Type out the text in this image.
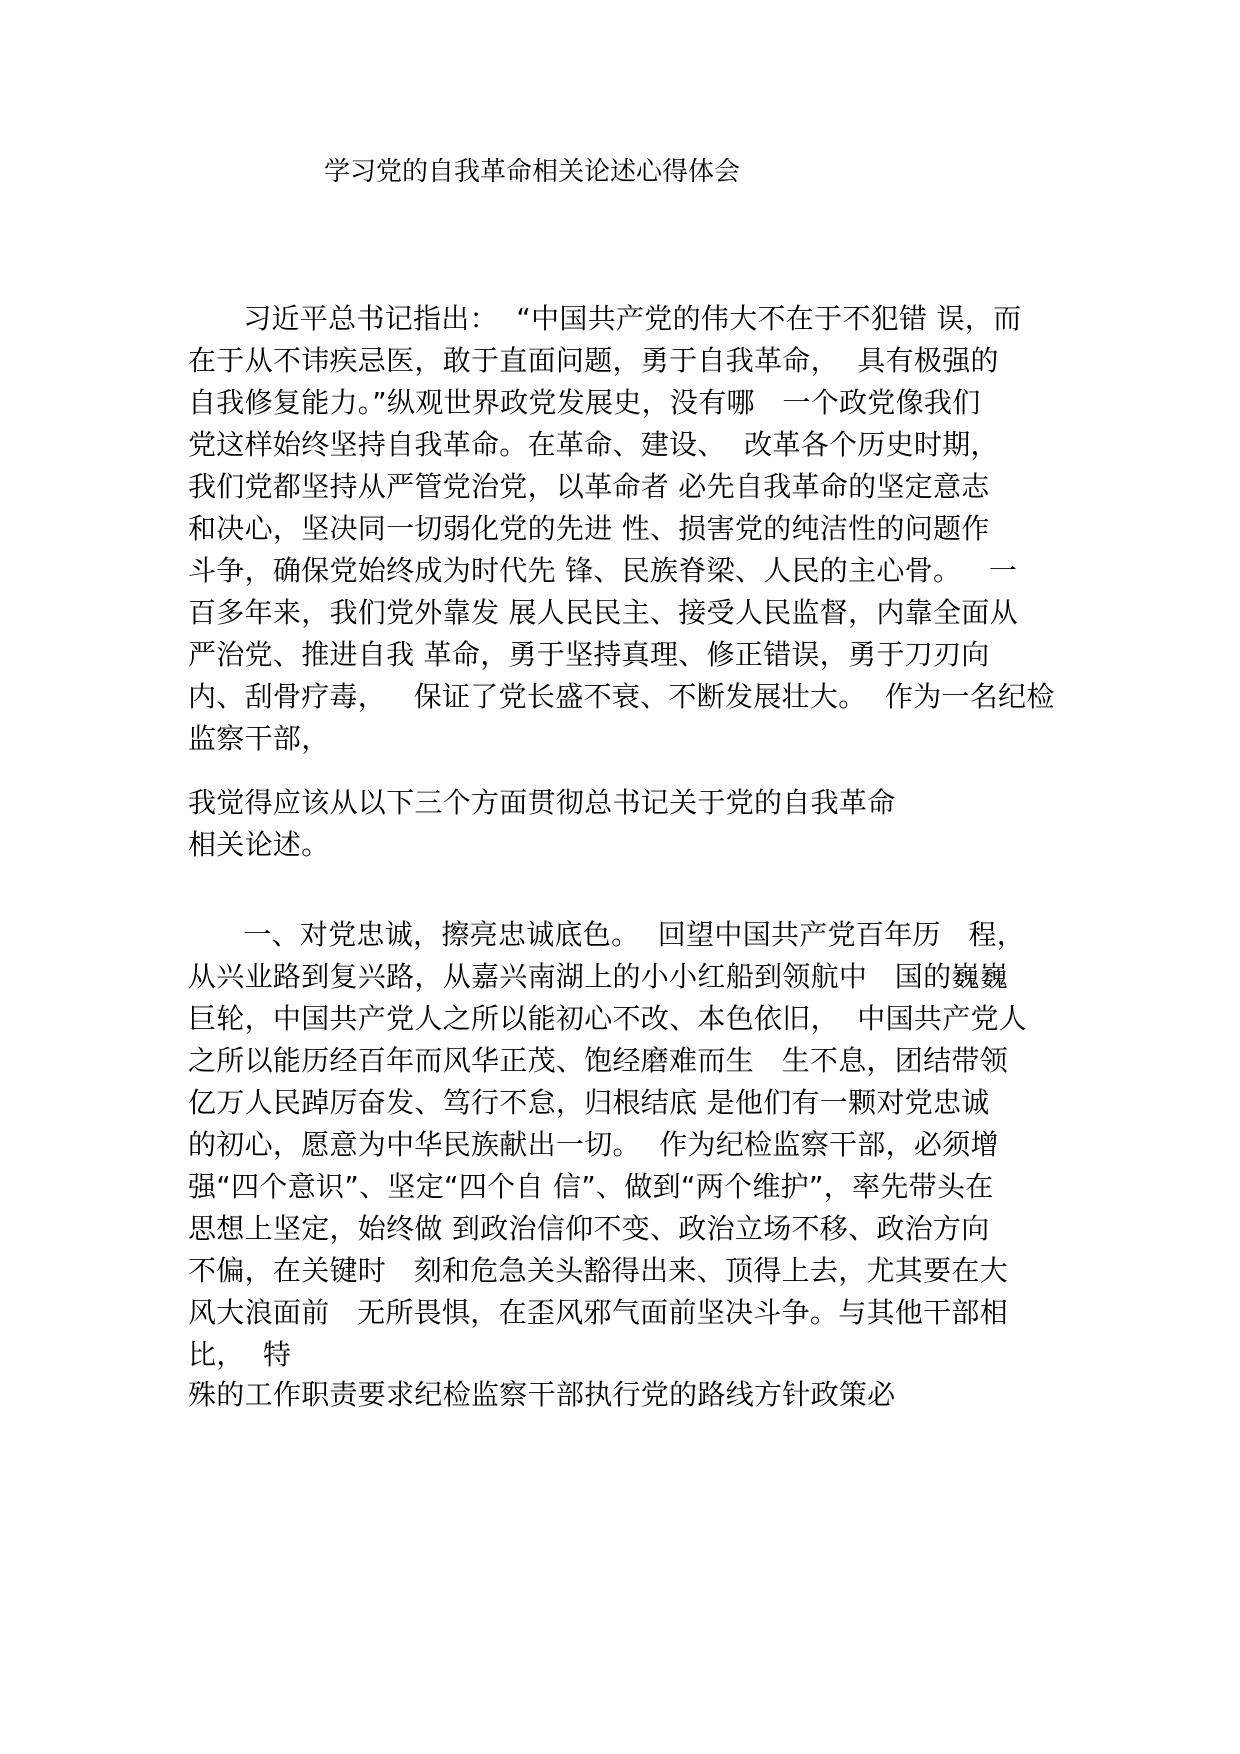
学习党的自我革命相关论述心得体会
习近平总书记指出：  “中国共产党的伟大不在于不犯错 误，而
在于从不讳疾忌医，敢于直面问题，勇于自我革命，  具有极强的
自我修复能力。”纵观世界政党发展史，没有哪   一个政党像我们
党这样始终坚持自我革命。在革命、建设、  改革各个历史时期，
我们党都坚持从严管党治党，以革命者 必先自我革命的坚定意志
和决心，坚决同一切弱化党的先进 性、损害党的纯洁性的问题作
斗争，确保党始终成为时代先 锋、民族脊梁、人民的主心骨。   一
百多年来，我们党外靠发 展人民民主、接受人民监督，内靠全面从
严治党、推进自我 革命，勇于坚持真理、修正错误，勇于刀刃向
内、刮骨疗毒，   保证了党长盛不衰、不断发展壮大。  作为一名纪检
监察干部，
我觉得应该从以下三个方面贯彻总书记关于党的自我革命
相关论述。
一、对党忠诚，擦亮忠诚底色。  回望中国共产党百年历   程，
从兴业路到复兴路，从嘉兴南湖上的小小红船到领航中   国的巍巍
巨轮，中国共产党人之所以能初心不改、本色依旧，  中国共产党人
之所以能历经百年而风华正茂、饱经磨难而生   生不息，团结带领
亿万人民踔厉奋发、笃行不怠，归根结底 是他们有一颗对党忠诚
的初心，愿意为中华民族献出一切。  作为纪检监察干部，必须增
强“四个意识”、坚定“四个自 信”、做到“两个维护”，率先带头在
思想上坚定，始终做 到政治信仰不变、政治立场不移、政治方向
不偏，在关键时   刻和危急关头豁得出来、顶得上去，尤其要在大
风大浪面前   无所畏惧，在歪风邪气面前坚决斗争。与其他干部相
比，  特
殊的工作职责要求纪检监察干部执行党的路线方针政策必
